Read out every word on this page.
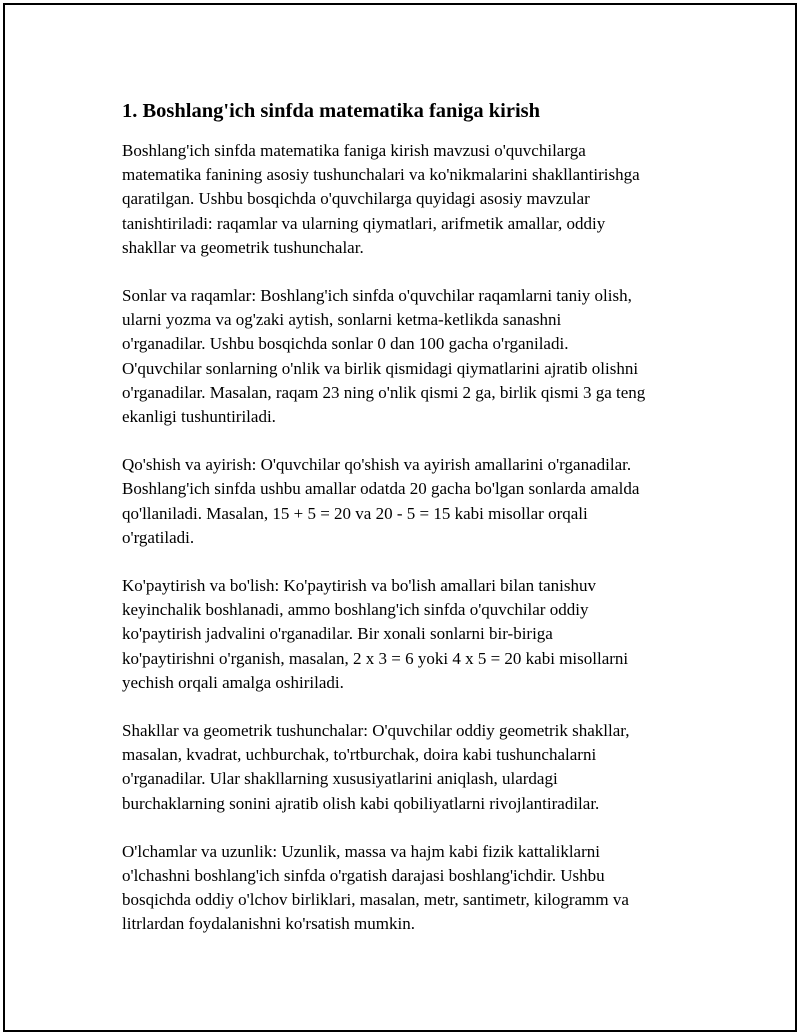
1. Boshlang'ich sinfda matematika faniga kirish

Boshlang'ich sinfda matematika faniga kirish mavzusi o'quvchilarga
matematika fanining asosiy tushunchalari va ko'nikmalarini shakllantirishga
qaratilgan. Ushbu bosqichda o'quvchilarga quyidagi asosiy mavzular
tanishtiriladi: raqamlar va ularning qiymatlari, arifmetik amallar, oddiy
shakllar va geometrik tushunchalar.

Sonlar va raqamlar: Boshlang'ich sinfda o'quvchilar raqamlarni taniy olish,
ularni yozma va og'zaki aytish, sonlarni ketma-ketlikda sanashni
o'rganadilar. Ushbu bosqichda sonlar 0 dan 100 gacha o'rganiladi.
O'quvchilar sonlarning o'nlik va birlik qismidagi qiymatlarini ajratib olishni
o'rganadilar. Masalan, raqam 23 ning o'nlik qismi 2 ga, birlik qismi 3 ga teng
ekanligi tushuntiriladi.

Qo'shish va ayirish: O'quvchilar qo'shish va ayirish amallarini o'rganadilar.
Boshlang'ich sinfda ushbu amallar odatda 20 gacha bo'lgan sonlarda amalda
qo'llaniladi. Masalan, 15 + 5 = 20 va 20 - 5 = 15 kabi misollar orqali
o'rgatiladi.

Ko'paytirish va bo'lish: Ko'paytirish va bo'lish amallari bilan tanishuv
keyinchalik boshlanadi, ammo boshlang'ich sinfda o'quvchilar oddiy
ko'paytirish jadvalini o'rganadilar. Bir xonali sonlarni bir-biriga
ko'paytirishni o'rganish, masalan, 2 x 3 = 6 yoki 4 x 5 = 20 kabi misollarni
yechish orqali amalga oshiriladi.

Shakllar va geometrik tushunchalar: O'quvchilar oddiy geometrik shakllar,
masalan, kvadrat, uchburchak, to'rtburchak, doira kabi tushunchalarni
o'rganadilar. Ular shakllarning xususiyatlarini aniqlash, ulardagi
burchaklarning sonini ajratib olish kabi qobiliyatlarni rivojlantiradilar.

O'lchamlar va uzunlik: Uzunlik, massa va hajm kabi fizik kattaliklarni
o'lchashni boshlang'ich sinfda o'rgatish darajasi boshlang'ichdir. Ushbu
bosqichda oddiy o'lchov birliklari, masalan, metr, santimetr, kilogramm va
litrlardan foydalanishni ko'rsatish mumkin.
